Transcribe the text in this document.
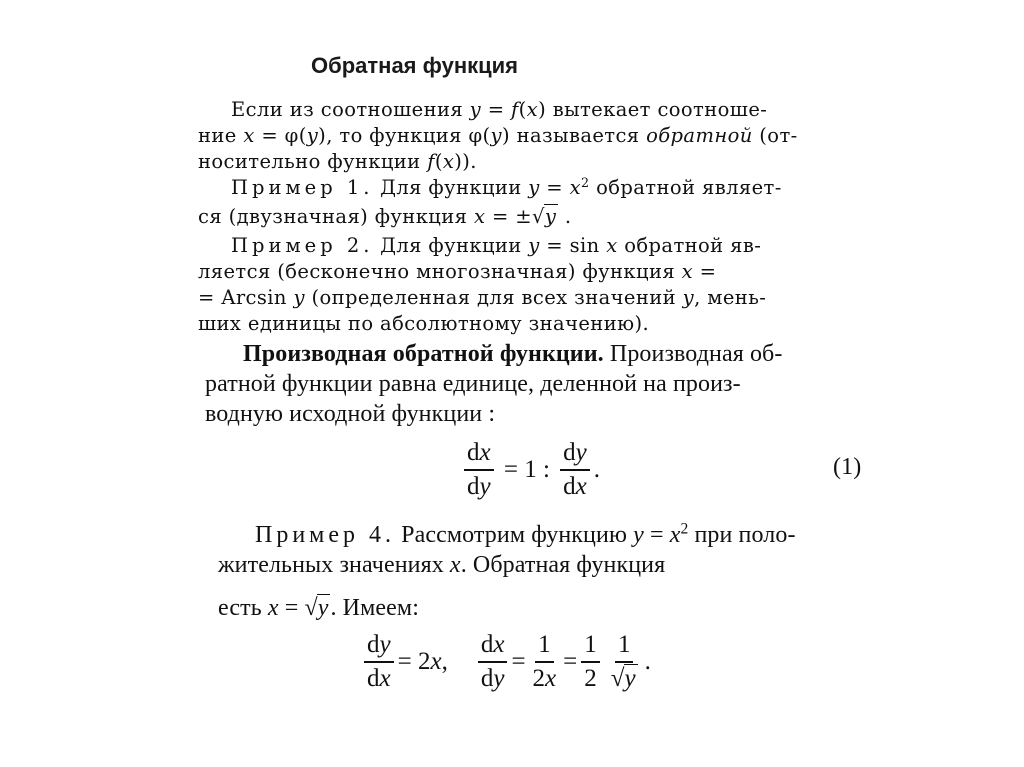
Обратная функция
Если из соотношения y = f(x) вытекает соотноше-
ние x = φ(y), то функция φ(y) называется обратной (от-
носительно функции f(x)).
Пример 1. Для функции $y = x^2$ обратной являет-
ся (двузначная) функция x = ±√y .
Пример 2. Для функции y = sin x обратной яв-
ляется (бесконечно многозначная) функция x =
= Arcsin y (определенная для всех значений y, мень-
ших единицы по абсолютному значению).
Производная обратной функции. Производная об-
ратной функции равна единице, деленной на произ-
водную исходной функции :
$\frac{dx}{dy} = 1$ : $\frac{dy}{dx}$ .	(1)
Пример 4. Рассмотрим функцию $y = x^2$ при поло-
жительных значениях x. Обратная функция
есть x = √y. Имеем:
$\frac{dy}{dx} = 2x$, $\frac{dx}{dy} = \frac{1}{2x} = \frac{1}{2} \frac{1}{√y}$ .
